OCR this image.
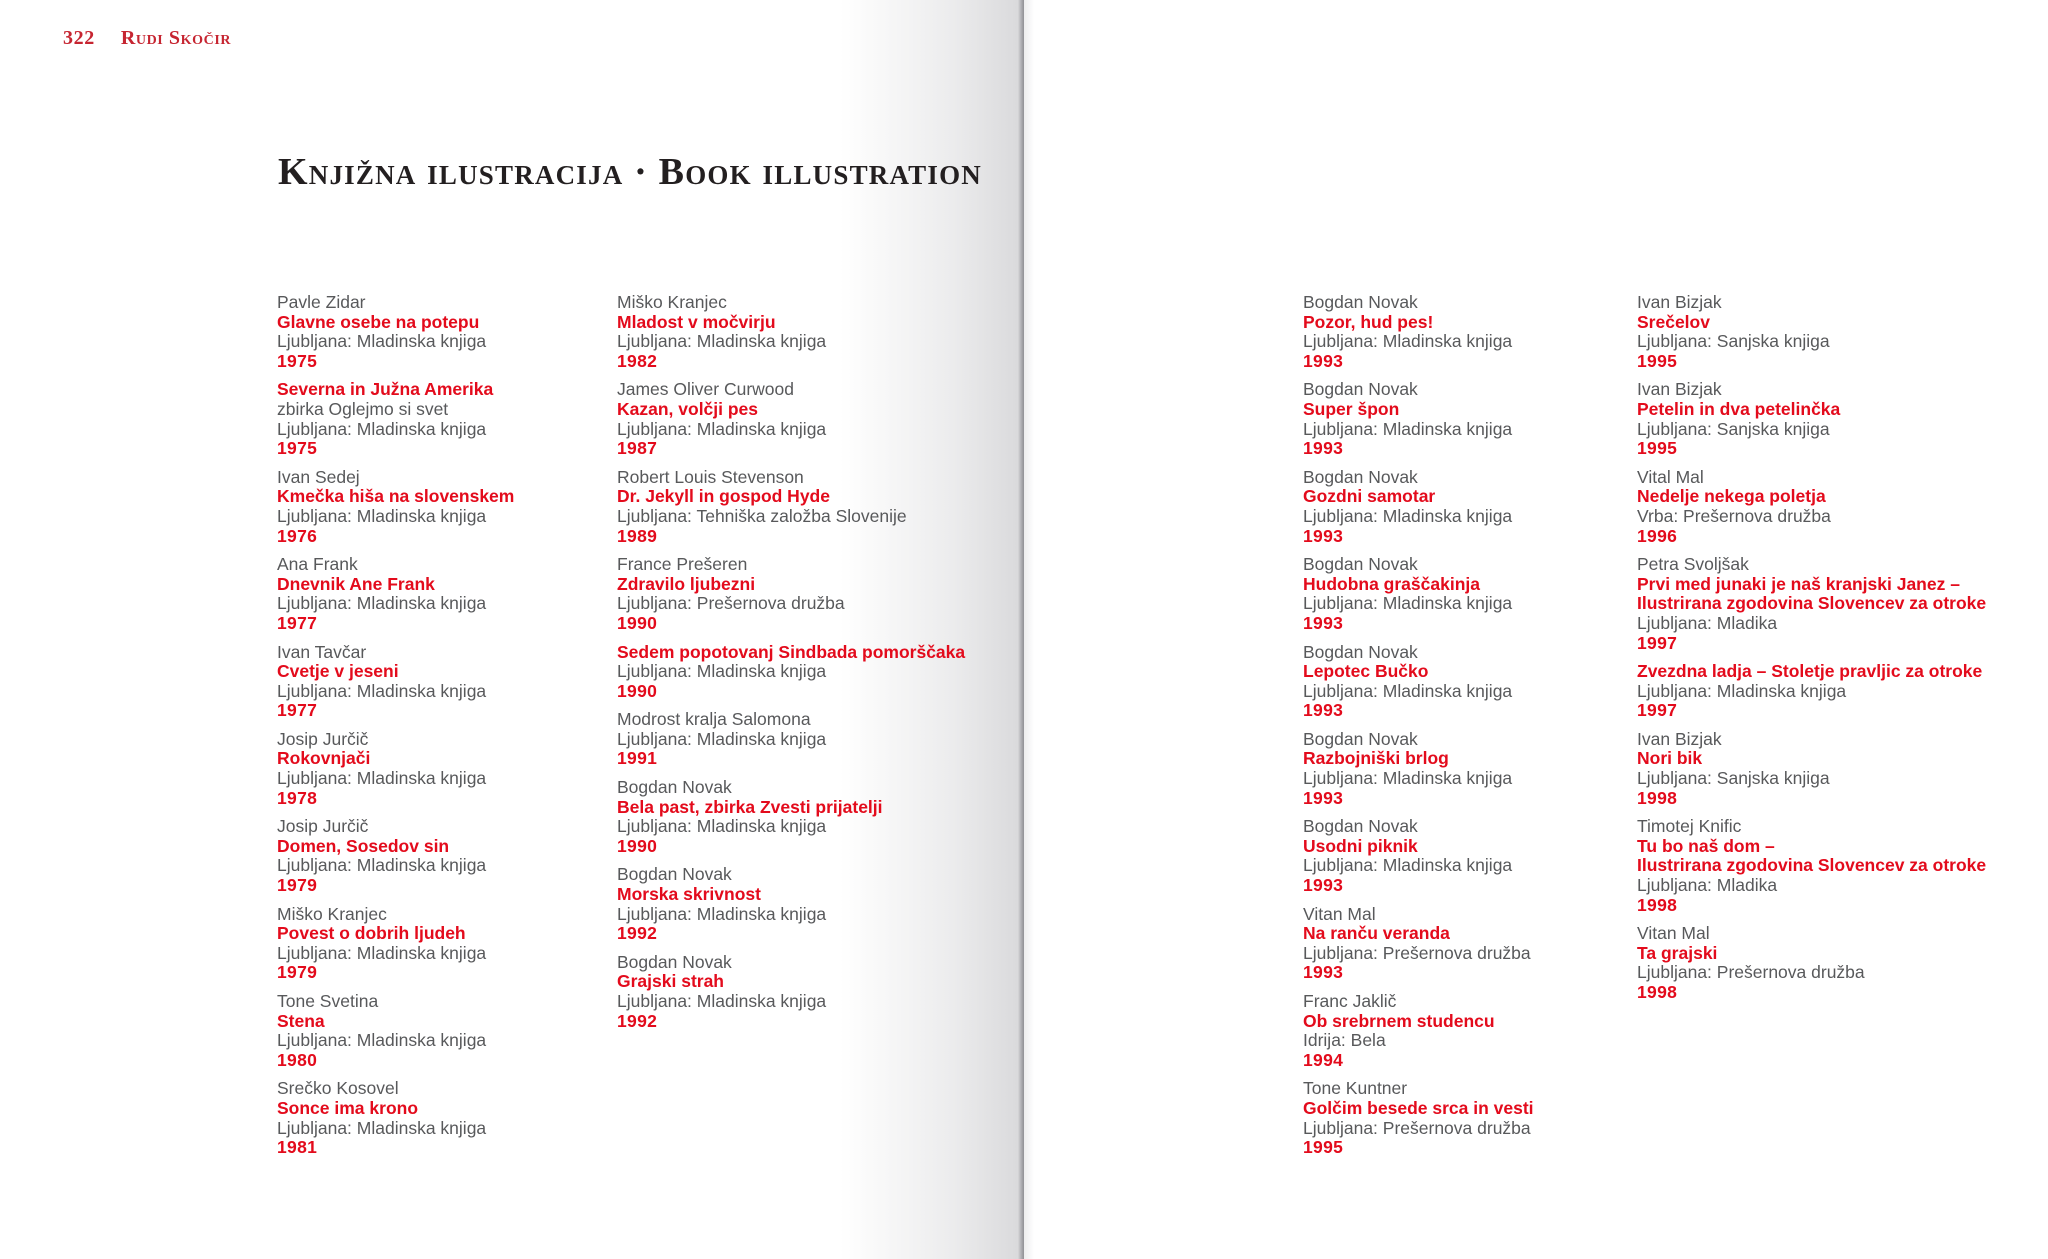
322 Rudi Skočir
Knjižna ilustracija · Book illustration
Pavle Zidar
Glavne osebe na potepu
Ljubljana: Mladinska knjiga
1975
Severna in Južna Amerika
zbirka Oglejmo si svet
Ljubljana: Mladinska knjiga
1975
Ivan Sedej
Kmečka hiša na slovenskem
Ljubljana: Mladinska knjiga
1976
Ana Frank
Dnevnik Ane Frank
Ljubljana: Mladinska knjiga
1977
Ivan Tavčar
Cvetje v jeseni
Ljubljana: Mladinska knjiga
1977
Josip Jurčič
Rokovnjači
Ljubljana: Mladinska knjiga
1978
Josip Jurčič
Domen, Sosedov sin
Ljubljana: Mladinska knjiga
1979
Miško Kranjec
Povest o dobrih ljudeh
Ljubljana: Mladinska knjiga
1979
Tone Svetina
Stena
Ljubljana: Mladinska knjiga
1980
Srečko Kosovel
Sonce ima krono
Ljubljana: Mladinska knjiga
1981
Miško Kranjec
Mladost v močvirju
Ljubljana: Mladinska knjiga
1982
James Oliver Curwood
Kazan, volčji pes
Ljubljana: Mladinska knjiga
1987
Robert Louis Stevenson
Dr. Jekyll in gospod Hyde
Ljubljana: Tehniška založba Slovenije
1989
France Prešeren
Zdravilo ljubezni
Ljubljana: Prešernova družba
1990
Sedem popotovanj Sindbada pomorščaka
Ljubljana: Mladinska knjiga
1990
Modrost kralja Salomona
Ljubljana: Mladinska knjiga
1991
Bogdan Novak
Bela past, zbirka Zvesti prijatelji
Ljubljana: Mladinska knjiga
1990
Bogdan Novak
Morska skrivnost
Ljubljana: Mladinska knjiga
1992
Bogdan Novak
Grajski strah
Ljubljana: Mladinska knjiga
1992
Bogdan Novak
Pozor, hud pes!
Ljubljana: Mladinska knjiga
1993
Bogdan Novak
Super špon
Ljubljana: Mladinska knjiga
1993
Bogdan Novak
Gozdni samotar
Ljubljana: Mladinska knjiga
1993
Bogdan Novak
Hudobna graščakinja
Ljubljana: Mladinska knjiga
1993
Bogdan Novak
Lepotec Bučko
Ljubljana: Mladinska knjiga
1993
Bogdan Novak
Razbojniški brlog
Ljubljana: Mladinska knjiga
1993
Bogdan Novak
Usodni piknik
Ljubljana: Mladinska knjiga
1993
Vitan Mal
Na ranču veranda
Ljubljana: Prešernova družba
1993
Franc Jaklič
Ob srebrnem studencu
Idrija: Bela
1994
Tone Kuntner
Golčim besede srca in vesti
Ljubljana: Prešernova družba
1995
Ivan Bizjak
Srečelov
Ljubljana: Sanjska knjiga
1995
Ivan Bizjak
Petelin in dva petelinčka
Ljubljana: Sanjska knjiga
1995
Vital Mal
Nedelje nekega poletja
Vrba: Prešernova družba
1996
Petra Svoljšak
Prvi med junaki je naš kranjski Janez –
Ilustrirana zgodovina Slovencev za otroke
Ljubljana: Mladika
1997
Zvezdna ladja – Stoletje pravljic za otroke
Ljubljana: Mladinska knjiga
1997
Ivan Bizjak
Nori bik
Ljubljana: Sanjska knjiga
1998
Timotej Knific
Tu bo naš dom –
Ilustrirana zgodovina Slovencev za otroke
Ljubljana: Mladika
1998
Vitan Mal
Ta grajski
Ljubljana: Prešernova družba
1998
